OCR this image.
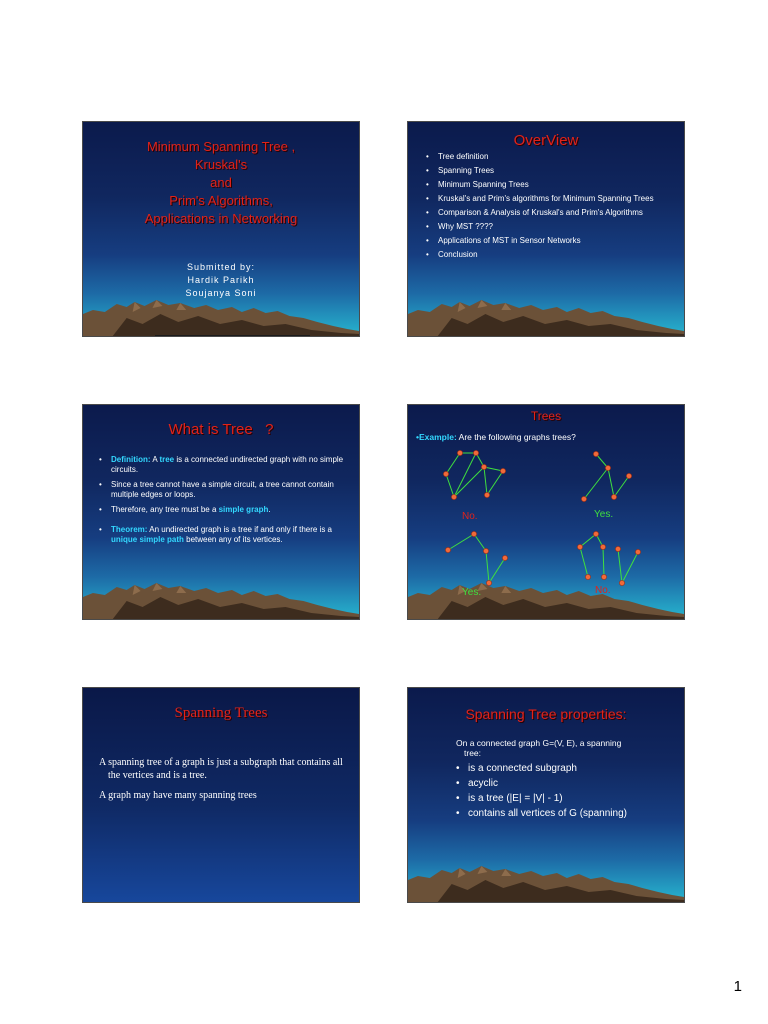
Minimum Spanning Tree ,
Kruskal's
and
Prim's Algorithms,
Applications in Networking
Submitted by:
Hardik Parikh
Soujanya Soni
OverView
• Tree definition
• Spanning Trees
• Minimum Spanning Trees
• Kruskal's and Prim's algorithms for Minimum Spanning Trees
• Comparison & Analysis of Kruskal's and Prim's Algorithms
• Why MST ????
• Applications of MST in Sensor Networks
• Conclusion
What is Tree   ?
• Definition: A tree is a connected undirected graph with no simple circuits.
• Since a tree cannot have a simple circuit, a tree cannot contain multiple edges or loops.
• Therefore, any tree must be a simple graph.
• Theorem: An undirected graph is a tree if and only if there is a unique simple path between any of its vertices.
Trees
•Example: Are the following graphs trees?
No.	Yes.
Yes.	No.
Spanning Trees
A spanning tree of a graph is just a subgraph that contains all the vertices and is a tree.
A graph may have many spanning trees
Spanning Tree properties:
On a connected graph G=(V, E), a spanning tree:
• is a connected subgraph
• acyclic
• is a tree (|E| = |V| - 1)
• contains all vertices of G (spanning)
1
